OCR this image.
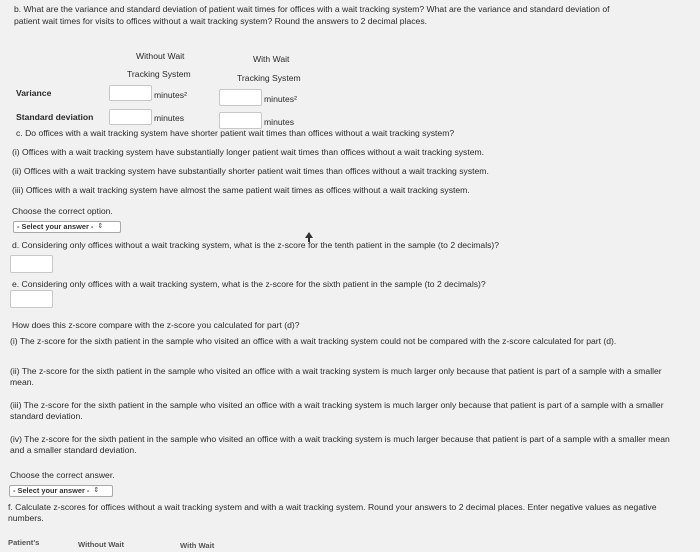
b. What are the variance and standard deviation of patient wait times for offices with a wait tracking system? What are the variance and standard deviation of
patient wait times for visits to offices without a wait tracking system? Round the answers to 2 decimal places.
Without Wait
Tracking System
With Wait
Tracking System
Variance	minutes²	minutes²
Standard deviation	minutes	minutes
c. Do offices with a wait tracking system have shorter patient wait times than offices without a wait tracking system?
(i) Offices with a wait tracking system have substantially longer patient wait times than offices without a wait tracking system.
(ii) Offices with a wait tracking system have substantially shorter patient wait times than offices without a wait tracking system.
(iii) Offices with a wait tracking system have almost the same patient wait times as offices without a wait tracking system.
Choose the correct option.
- Select your answer - ⇕
d. Considering only offices without a wait tracking system, what is the z-score for the tenth patient in the sample (to 2 decimals)?
e. Considering only offices with a wait tracking system, what is the z-score for the sixth patient in the sample (to 2 decimals)?
How does this z-score compare with the z-score you calculated for part (d)?
(i) The z-score for the sixth patient in the sample who visited an office with a wait tracking system could not be compared with the z-score calculated for part (d).
(ii) The z-score for the sixth patient in the sample who visited an office with a wait tracking system is much larger only because that patient is part of a sample with a smaller mean.
(iii) The z-score for the sixth patient in the sample who visited an office with a wait tracking system is much larger only because that patient is part of a sample with a smaller standard deviation.
(iv) The z-score for the sixth patient in the sample who visited an office with a wait tracking system is much larger because that patient is part of a sample with a smaller mean and a smaller standard deviation.
Choose the correct answer.
- Select your answer - ⇕
f. Calculate z-scores for offices without a wait tracking system and with a wait tracking system. Round your answers to 2 decimal places. Enter negative values as negative numbers.
Patient's	Without Wait	With Wait
